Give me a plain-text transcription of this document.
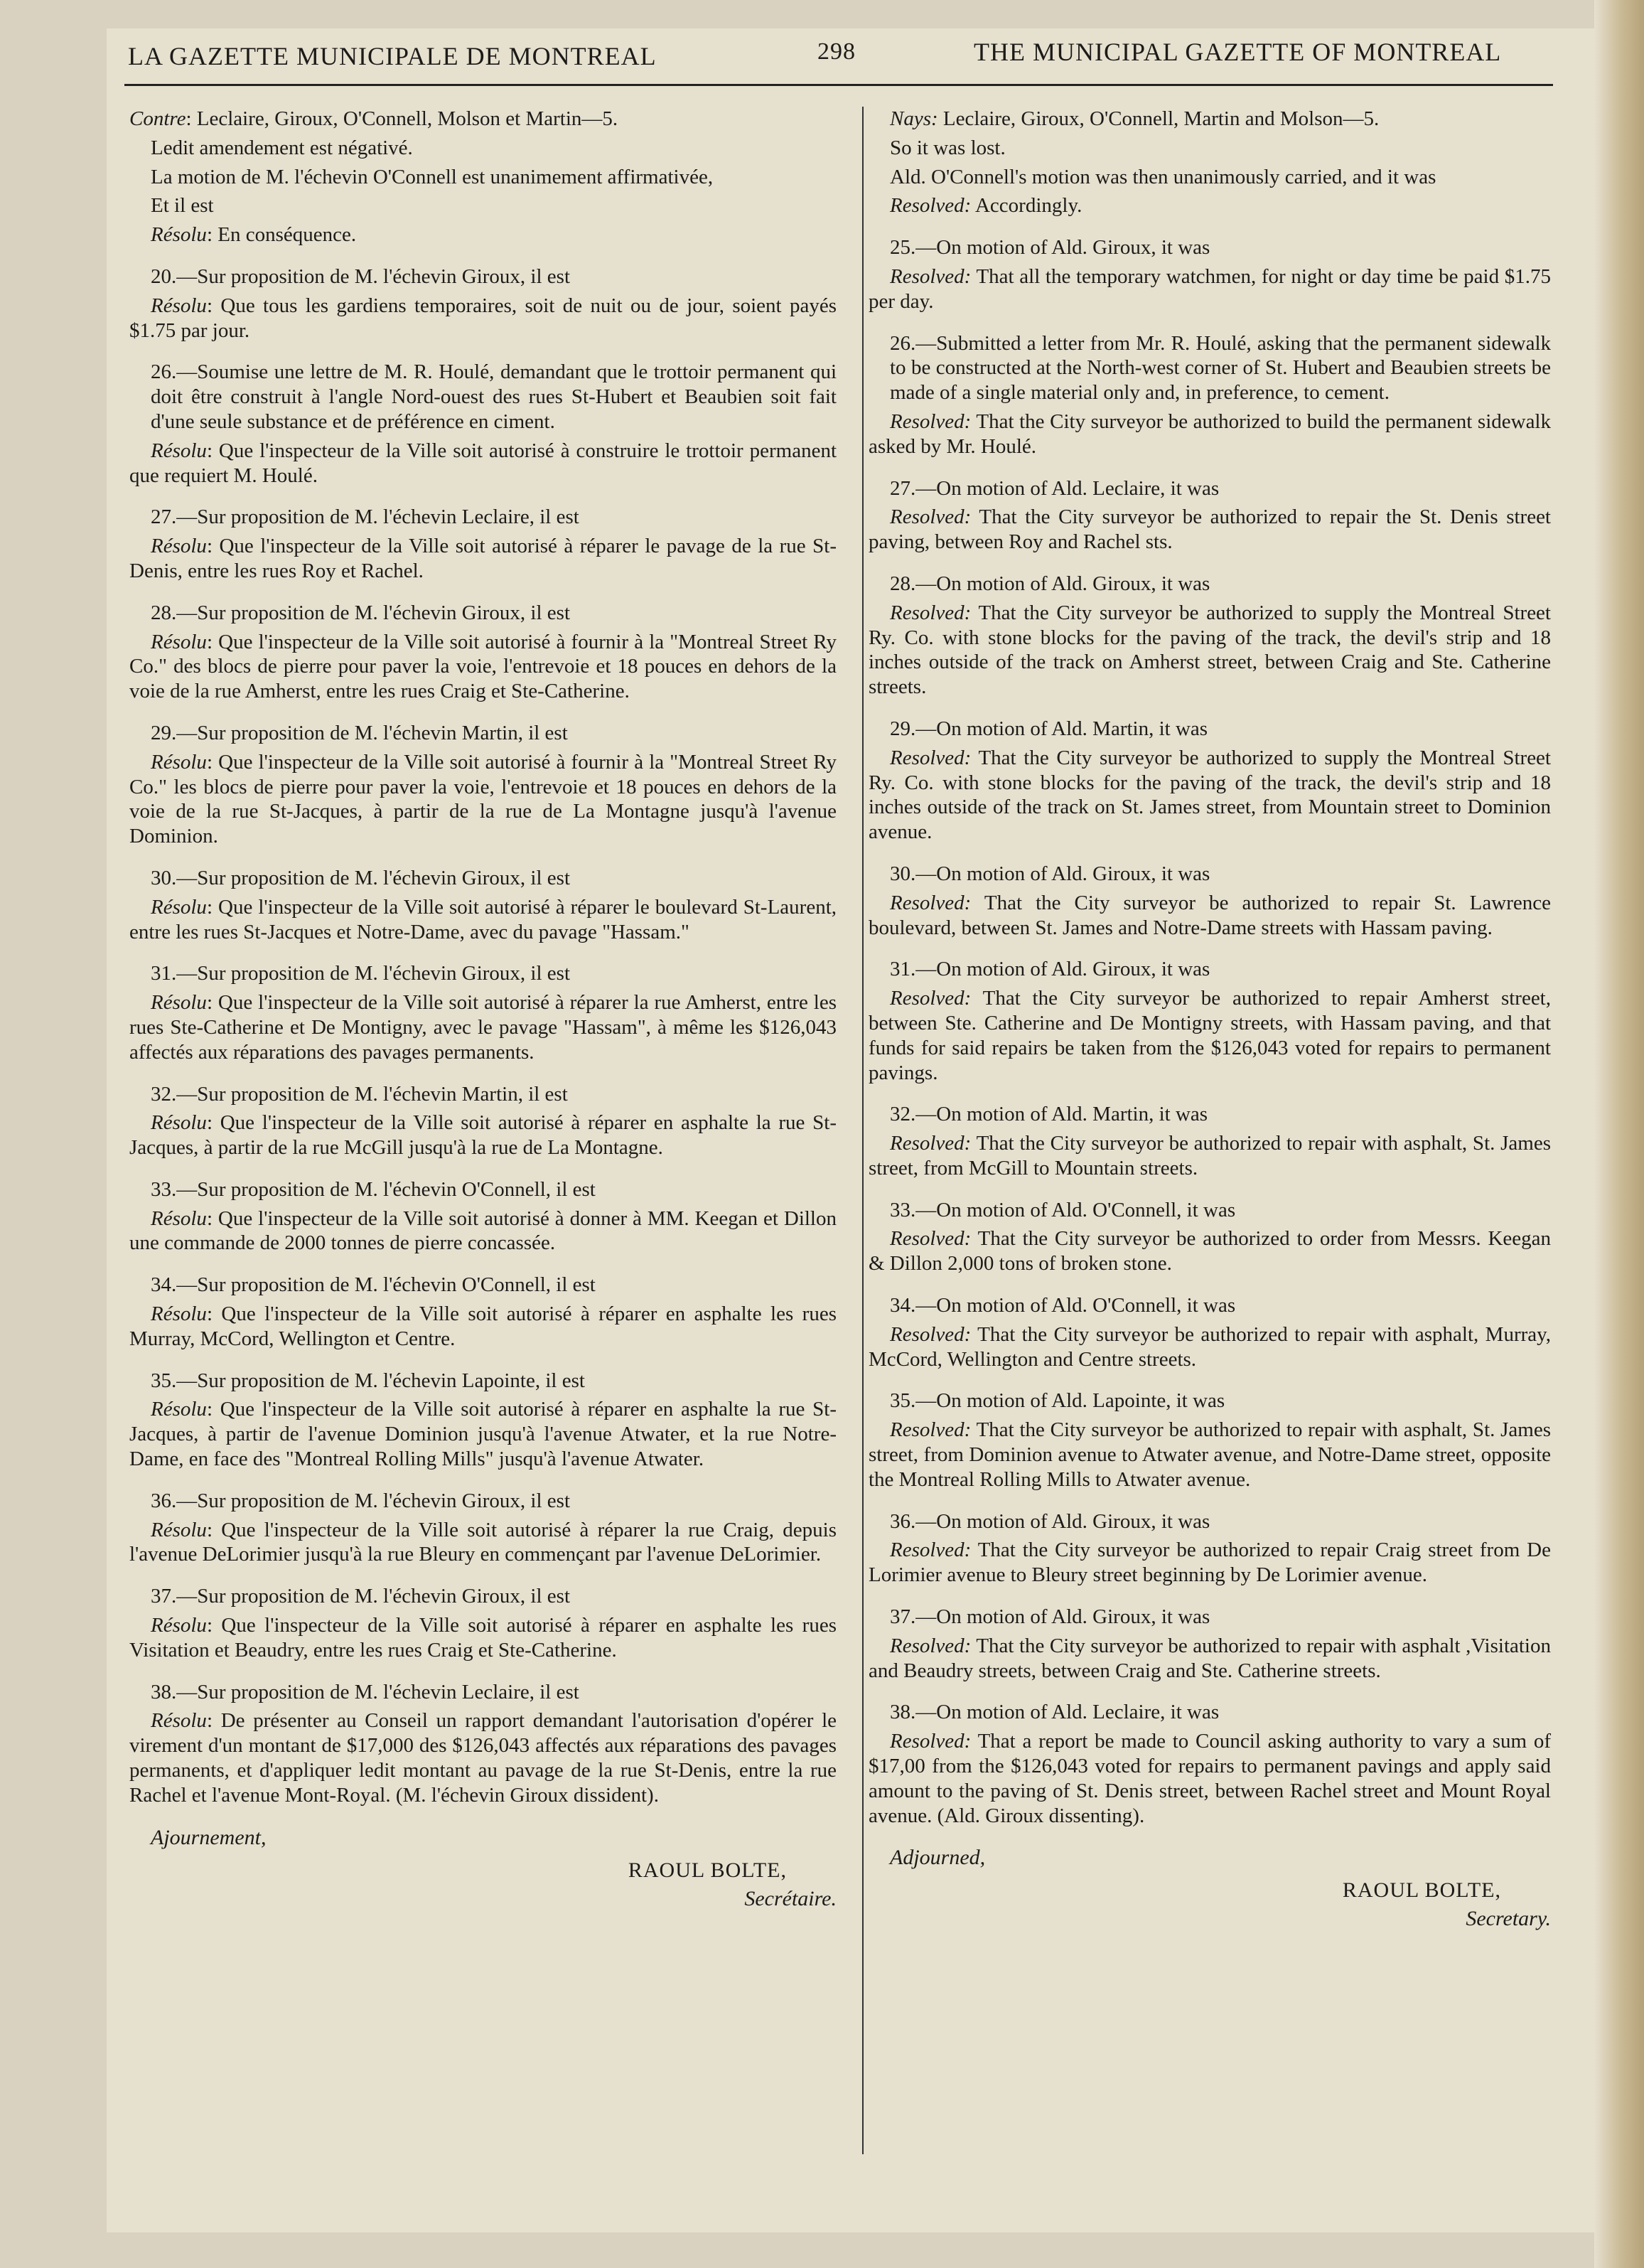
LA GAZETTE MUNICIPALE DE MONTREAL	298	THE MUNICIPAL GAZETTE OF MONTREAL

Contre: Leclaire, Giroux, O'Connell, Molson et Martin—5.

Ledit amendement est négativé.

La motion de M. l'échevin O'Connell est unanimement affirmativée,

Et il est

Résolu: En conséquence.

20.—Sur proposition de M. l'échevin Giroux, il est

Résolu: Que tous les gardiens temporaires, soit de nuit ou de jour, soient payés $1.75 par jour.

26.—Soumise une lettre de M. R. Houlé, demandant que le trottoir permanent qui doit être construit à l'angle Nord-ouest des rues St-Hubert et Beaubien soit fait d'une seule substance et de préférence en ciment.

Résolu: Que l'inspecteur de la Ville soit autorisé à construire le trottoir permanent que requiert M. Houlé.

27.—Sur proposition de M. l'échevin Leclaire, il est

Résolu: Que l'inspecteur de la Ville soit autorisé à réparer le pavage de la rue St-Denis, entre les rues Roy et Rachel.

28.—Sur proposition de M. l'échevin Giroux, il est

Résolu: Que l'inspecteur de la Ville soit autorisé à fournir à la "Montreal Street Ry Co." des blocs de pierre pour paver la voie, l'entrevoie et 18 pouces en dehors de la voie de la rue Amherst, entre les rues Craig et Ste-Catherine.

29.—Sur proposition de M. l'échevin Martin, il est

Résolu: Que l'inspecteur de la Ville soit autorisé à fournir à la "Montreal Street Ry Co." les blocs de pierre pour paver la voie, l'entrevoie et 18 pouces en dehors de la voie de la rue St-Jacques, à partir de la rue de La Montagne jusqu'à l'avenue Dominion.

30.—Sur proposition de M. l'échevin Giroux, il est

Résolu: Que l'inspecteur de la Ville soit autorisé à réparer le boulevard St-Laurent, entre les rues St-Jacques et Notre-Dame, avec du pavage "Hassam."

31.—Sur proposition de M. l'échevin Giroux, il est

Résolu: Que l'inspecteur de la Ville soit autorisé à réparer la rue Amherst, entre les rues Ste-Catherine et De Montigny, avec le pavage "Hassam", à même les $126,043 affectés aux réparations des pavages permanents.

32.—Sur proposition de M. l'échevin Martin, il est

Résolu: Que l'inspecteur de la Ville soit autorisé à réparer en asphalte la rue St-Jacques, à partir de la rue McGill jusqu'à la rue de La Montagne.

33.—Sur proposition de M. l'échevin O'Connell, il est

Résolu: Que l'inspecteur de la Ville soit autorisé à donner à MM. Keegan et Dillon une commande de 2000 tonnes de pierre concassée.

34.—Sur proposition de M. l'échevin O'Connell, il est

Résolu: Que l'inspecteur de la Ville soit autorisé à réparer en asphalte les rues Murray, McCord, Wellington et Centre.

35.—Sur proposition de M. l'échevin Lapointe, il est

Résolu: Que l'inspecteur de la Ville soit autorisé à réparer en asphalte la rue St-Jacques, à partir de l'avenue Dominion jusqu'à l'avenue Atwater, et la rue Notre-Dame, en face des "Montreal Rolling Mills" jusqu'à l'avenue Atwater.

36.—Sur proposition de M. l'échevin Giroux, il est

Résolu: Que l'inspecteur de la Ville soit autorisé à réparer la rue Craig, depuis l'avenue DeLorimier jusqu'à la rue Bleury en commençant par l'avenue DeLorimier.

37.—Sur proposition de M. l'échevin Giroux, il est

Résolu: Que l'inspecteur de la Ville soit autorisé à réparer en asphalte les rues Visitation et Beaudry, entre les rues Craig et Ste-Catherine.

38.—Sur proposition de M. l'échevin Leclaire, il est

Résolu: De présenter au Conseil un rapport demandant l'autorisation d'opérer le virement d'un montant de $17,000 des $126,043 affectés aux réparations des pavages permanents, et d'appliquer ledit montant au pavage de la rue St-Denis, entre la rue Rachel et l'avenue Mont-Royal. (M. l'échevin Giroux dissident).

Ajournement,
RAOUL BOLTE,
Secrétaire.

Nays: Leclaire, Giroux, O'Connell, Martin and Molson—5.

So it was lost.

Ald. O'Connell's motion was then unanimously carried, and it was

Resolved: Accordingly.

25.—On motion of Ald. Giroux, it was

Resolved: That all the temporary watchmen, for night or day time be paid $1.75 per day.

26.—Submitted a letter from Mr. R. Houlé, asking that the permanent sidewalk to be constructed at the North-west corner of St. Hubert and Beaubien streets be made of a single material only and, in preference, to cement.

Resolved: That the City surveyor be authorized to build the permanent sidewalk asked by Mr. Houlé.

27.—On motion of Ald. Leclaire, it was

Resolved: That the City surveyor be authorized to repair the St. Denis street paving, between Roy and Rachel sts.

28.—On motion of Ald. Giroux, it was

Resolved: That the City surveyor be authorized to supply the Montreal Street Ry. Co. with stone blocks for the paving of the track, the devil's strip and 18 inches outside of the track on Amherst street, between Craig and Ste. Catherine streets.

29.—On motion of Ald. Martin, it was

Resolved: That the City surveyor be authorized to supply the Montreal Street Ry. Co. with stone blocks for the paving of the track, the devil's strip and 18 inches outside of the track on St. James street, from Mountain street to Dominion avenue.

30.—On motion of Ald. Giroux, it was

Resolved: That the City surveyor be authorized to repair St. Lawrence boulevard, between St. James and Notre-Dame streets with Hassam paving.

31.—On motion of Ald. Giroux, it was

Resolved: That the City surveyor be authorized to repair Amherst street, between Ste. Catherine and De Montigny streets, with Hassam paving, and that funds for said repairs be taken from the $126,043 voted for repairs to permanent pavings.

32.—On motion of Ald. Martin, it was

Resolved: That the City surveyor be authorized to repair with asphalt, St. James street, from McGill to Mountain streets.

33.—On motion of Ald. O'Connell, it was

Resolved: That the City surveyor be authorized to order from Messrs. Keegan & Dillon 2,000 tons of broken stone.

34.—On motion of Ald. O'Connell, it was

Resolved: That the City surveyor be authorized to repair with asphalt, Murray, McCord, Wellington and Centre streets.

35.—On motion of Ald. Lapointe, it was

Resolved: That the City surveyor be authorized to repair with asphalt, St. James street, from Dominion avenue to Atwater avenue, and Notre-Dame street, opposite the Montreal Rolling Mills to Atwater avenue.

36.—On motion of Ald. Giroux, it was

Resolved: That the City surveyor be authorized to repair Craig street from De Lorimier avenue to Bleury street beginning by De Lorimier avenue.

37.—On motion of Ald. Giroux, it was

Resolved: That the City surveyor be authorized to repair with asphalt ,Visitation and Beaudry streets, between Craig and Ste. Catherine streets.

38.—On motion of Ald. Leclaire, it was

Resolved: That a report be made to Council asking authority to vary a sum of $17,00 from the $126,043 voted for repairs to permanent pavings and apply said amount to the paving of St. Denis street, between Rachel street and Mount Royal avenue. (Ald. Giroux dissenting).

Adjourned,
RAOUL BOLTE,
Secretary.
